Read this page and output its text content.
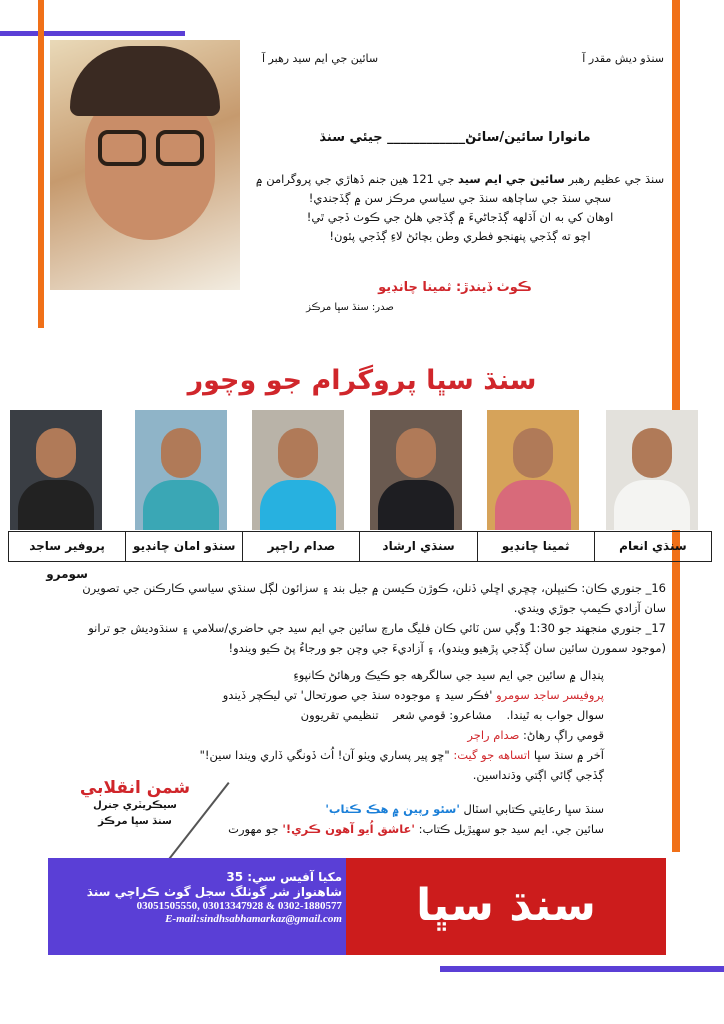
سنڌو ديش مقدر آ
سائين جي ايم سيد رهبر آ
مانوارا سائين/سائڻ____________ جيئي سنڌ
سنڌ جي عظيم رهبر سائين جي ايم سيد جي 121 هين جنم ڏهاڙي جي پروگرامن ۾
سڄي سنڌ جي ساڄاهه سنڌ جي سياسي مرڪز سن ۾ ڳڏجندي!
اوهان کي به ان آڌلهه ڳڏجاڻيءَ ۾ ڳڏجي هلڻ جي ڪوٺ ڏجي ٿي!
اچو ته ڳڏجي پنهنجو فطري وطن بچائڻ لاءِ ڳڏجي پئون!
ڪوٺ ڏيندڙ: ثمينا چانڊيو
صدر: سنڌ سڀا مرڪز
سنڌ سڀا پروگرام جو وچور
سنڌي انعام
ثمينا چانڊيو
سنڌي ارشاد
صدام راڄپر
سنڌو امان چانڊيو
پروفير ساجد سومرو
16_ جنوري ڪان: ڪنيپلن، چڇري اڇلي ڏنلن، ڪوڙن ڪيسن ۾ جيل بند ۽ سزائون لڳل سنڌي سياسي ڪارڪنن جي تصويرن
سان آزادي ڪيمپ جوڙي ويندي.
17_ جنوري منجهند جو 1:30 وڳي سن ٽائي ڪان فليگ مارچ سائين جي ايم سيد جي حاضري/سلامي ۽ سنڌوديش جو ترانو
(موجود سمورن سائين سان ڳڏجي پڙهيو ويندو)، ۽ آزاديءَ جي وچن جو ورجاءُ پڻ ڪيو ويندو!
پنڊال ۾ سائين جي ايم سيد جي سالگرهه جو ڪيڪ ورهائڻ ڪانپوءِ
پروفيسر ساجد سومرو 'فڪر سيد ۽ موجوده سنڌ جي صورتحال' تي ليڪچر ڏيندو
سوال جواب به ٿيندا.    مشاعرو: قومي شعر    تنظيمي تقريوون
قومي راڳ رهاڻ: صدام راڄر
آخر ۾ سنڌ سڀا اتساهه جو گيت: "ڇو پير پساري ويٺو آن! اُٺ ڏونگي ڏاري ويندا سين!"
ڳڏجي ڳائي اڳتي وڌنداسين.
سنڌ سڀا رعايتي ڪتابي اسٽال 'سئو رپين ۾ هڪ ڪتاب'
سائين جي. ايم سيد جو سهيڙيل ڪتاب: 'عاشق اُيو آهون ڪري!' جو مهورت
شمن انقلابي
سيڪريٽري جنرل
سنڌ سڀا مرڪز
مکيا آفيس سي: 35
شاهنواز شر گوٺلگ سجل گوٺ ڪراچي سنڌ
03051505550, 03013347928 & 0302-1880577
E-mail:sindhsabhamarkaz@gmail.com	سنڌ سڀا
